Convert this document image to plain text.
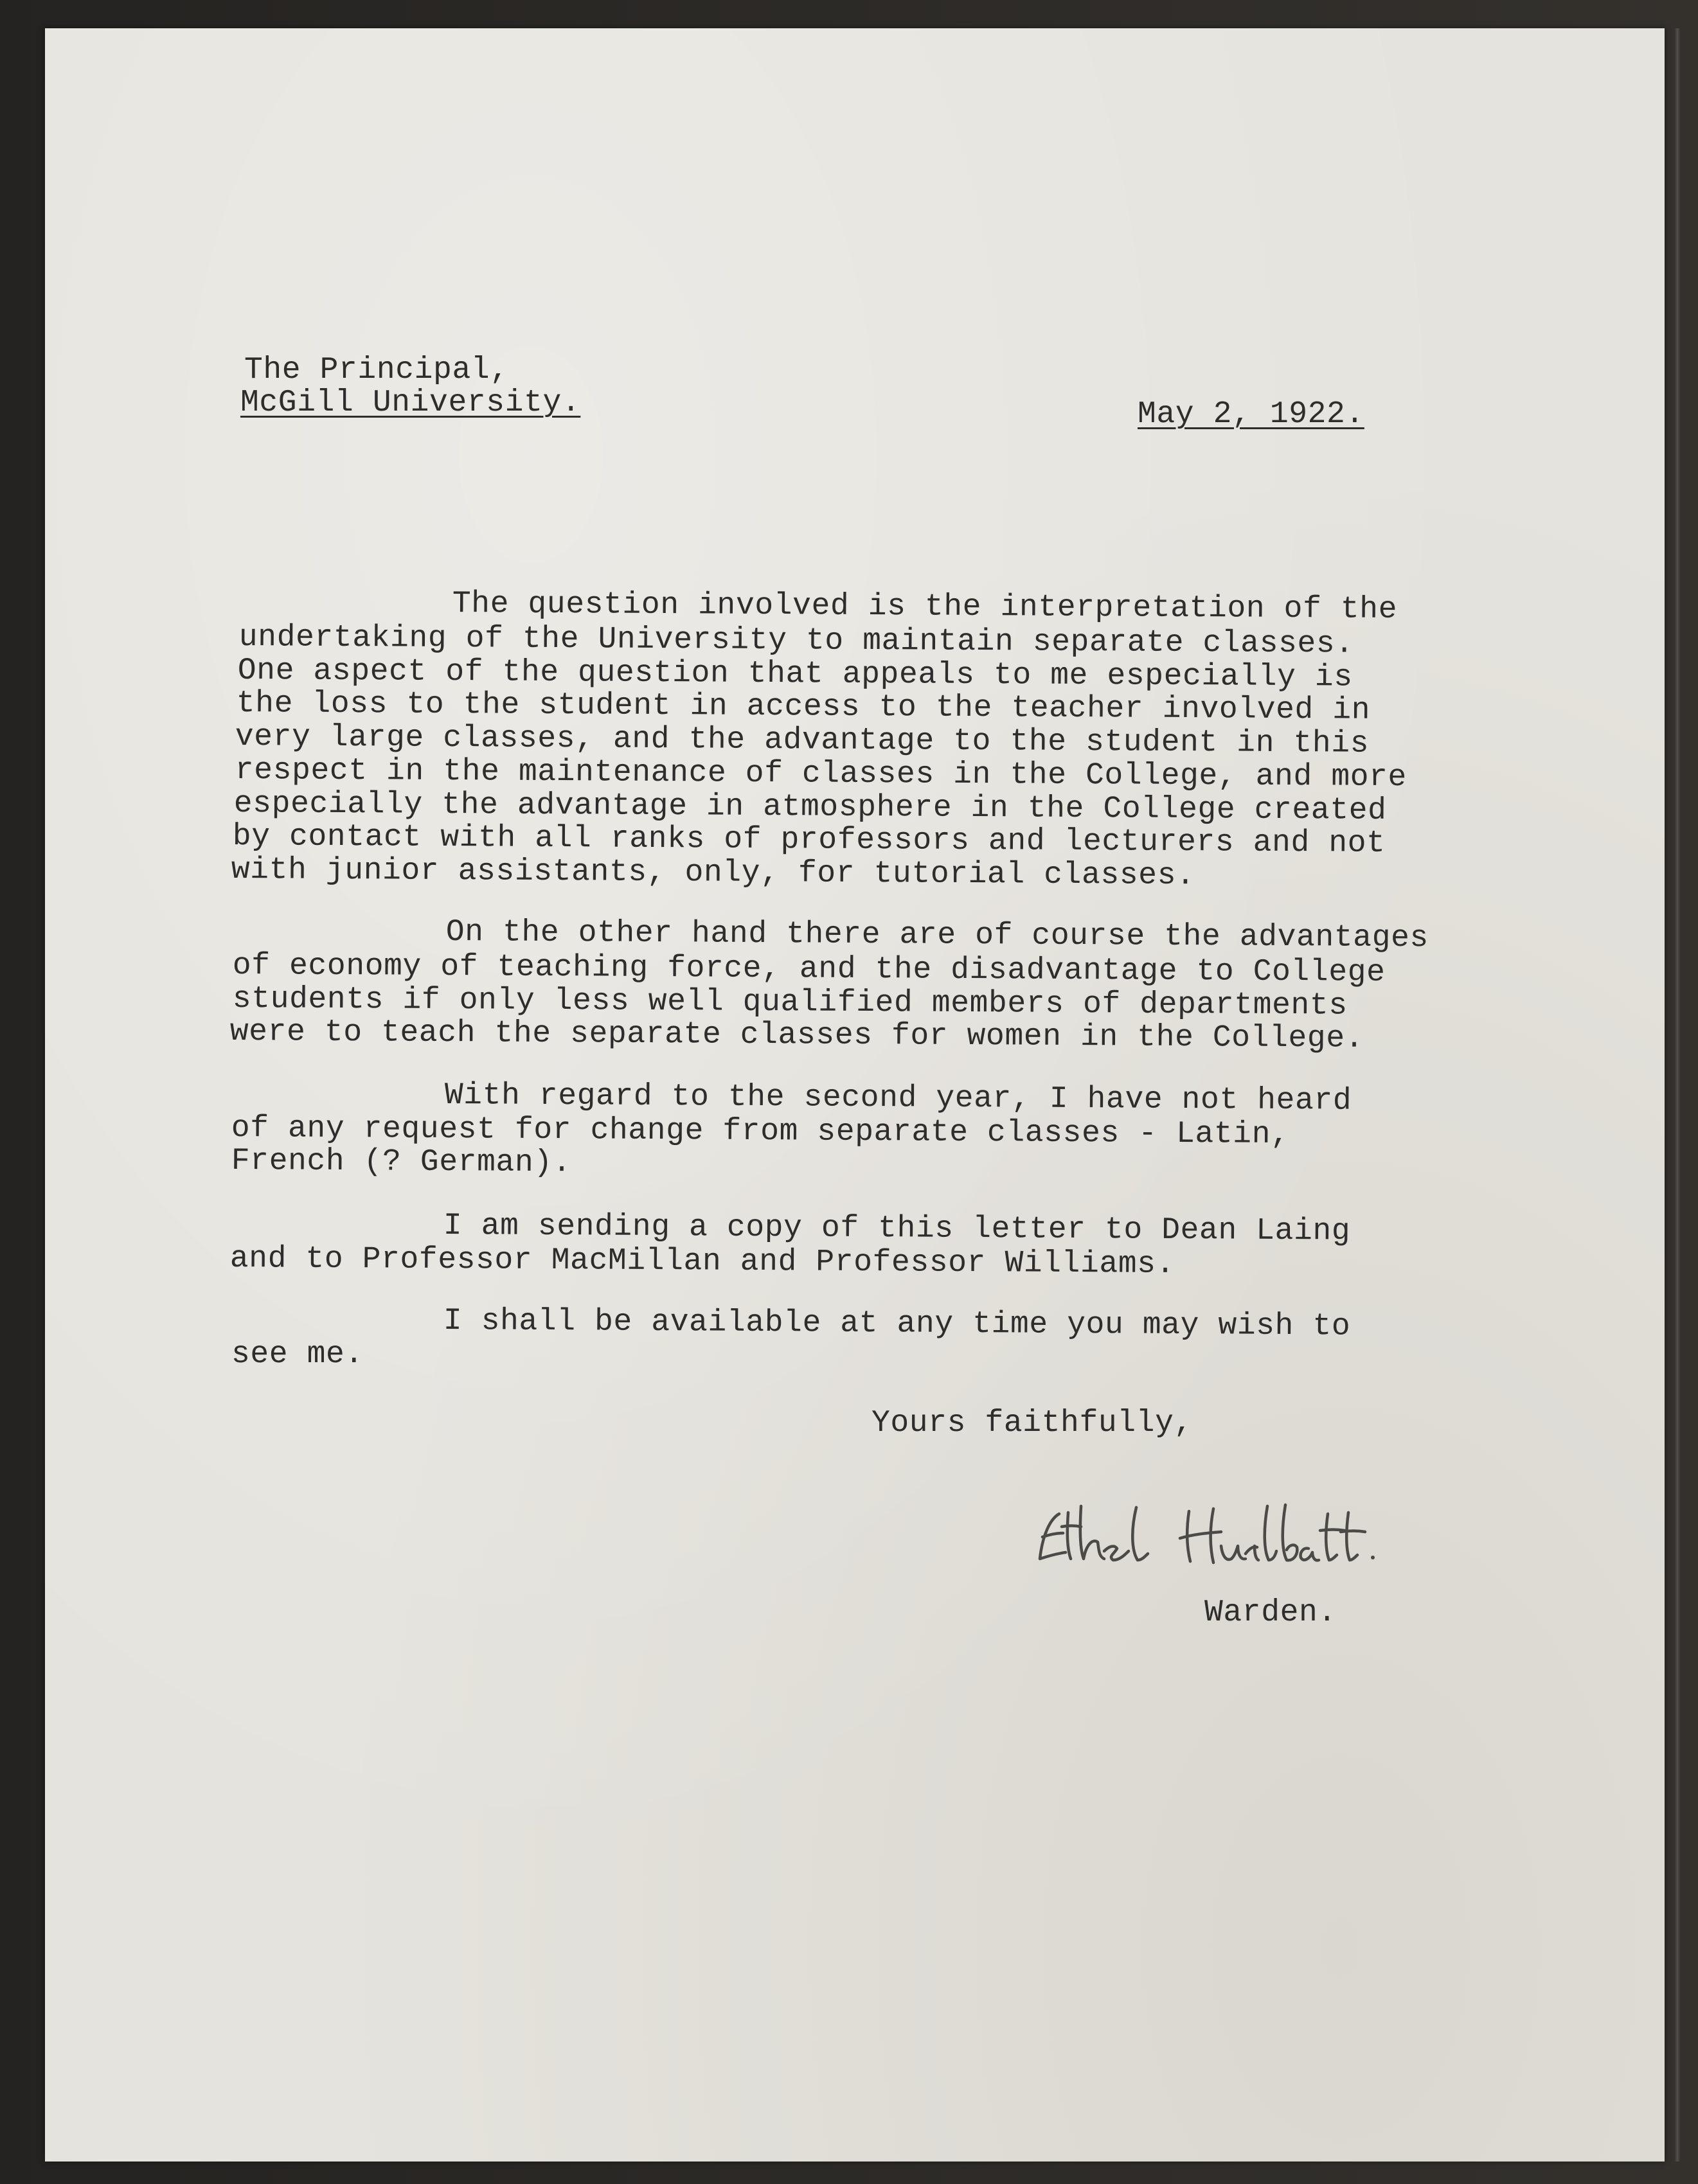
The Principal,
McGill University.	May 2, 1922.
The question involved is the interpretation of the
undertaking of the University to maintain separate classes.
One aspect of the question that appeals to me especially is
the loss to the student in access to the teacher involved in
very large classes, and the advantage to the student in this
respect in the maintenance of classes in the College, and more
especially the advantage in atmosphere in the College created
by contact with all ranks of professors and lecturers and not
with junior assistants, only, for tutorial classes.
On the other hand there are of course the advantages
of economy of teaching force, and the disadvantage to College
students if only less well qualified members of departments
were to teach the separate classes for women in the College.
With regard to the second year, I have not heard
of any request for change from separate classes - Latin,
French (? German).
I am sending a copy of this letter to Dean Laing
and to Professor MacMillan and Professor Williams.
I shall be available at any time you may wish to
see me.
Yours faithfully,
Warden.
